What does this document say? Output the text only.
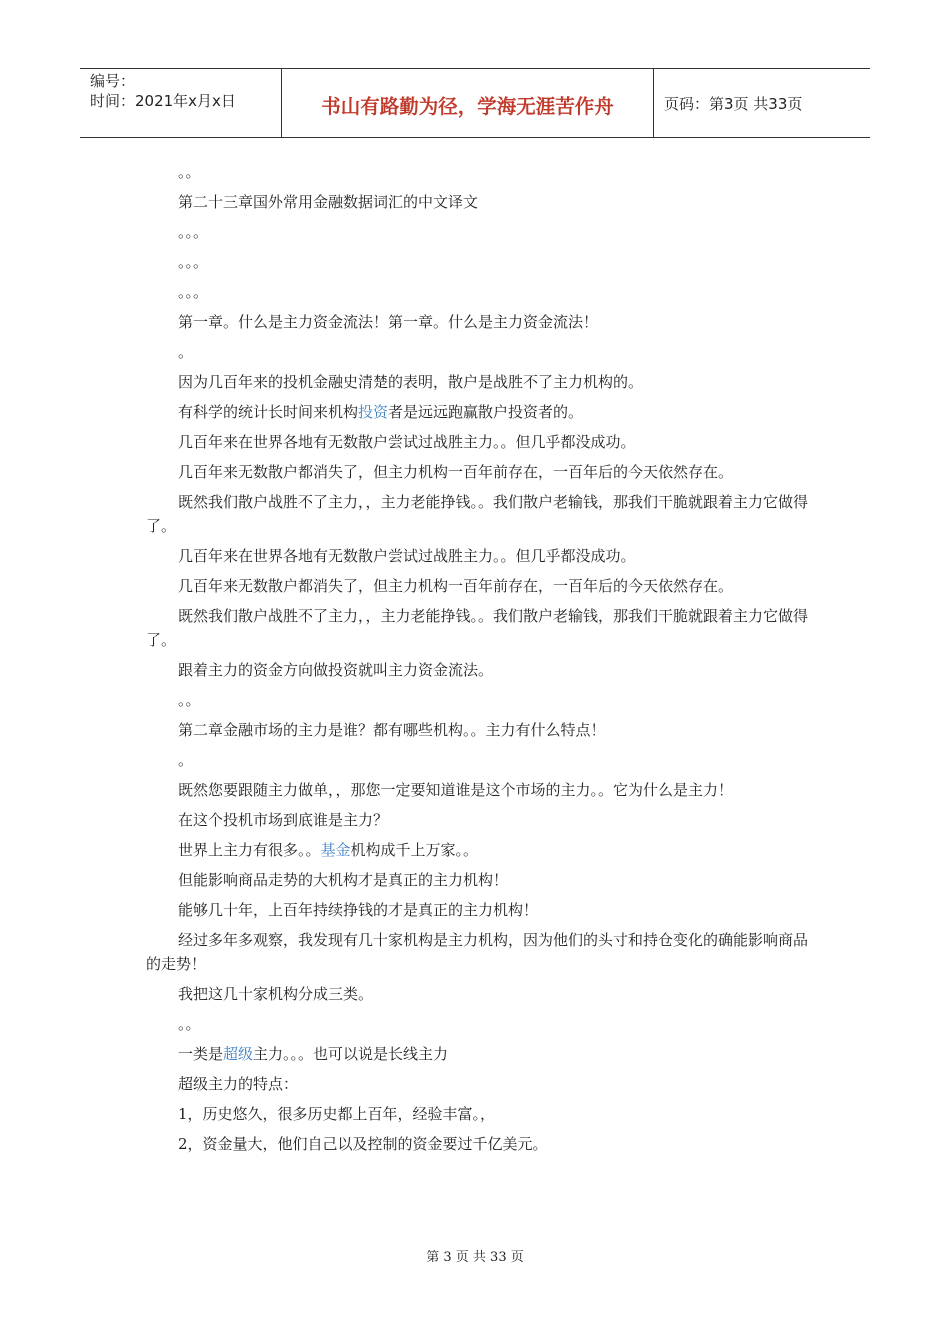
编号：
时间：2021年x月x日	书山有路勤为径，学海无涯苦作舟	页码：第3页 共33页

。。

第二十三章国外常用金融数据词汇的中文译文

。。。

。。。

。。。

第一章。什么是主力资金流法！第一章。什么是主力资金流法！

。

因为几百年来的投机金融史清楚的表明，散户是战胜不了主力机构的。

有科学的统计长时间来机构投资者是远远跑赢散户投资者的。

几百年来在世界各地有无数散户尝试过战胜主力。。但几乎都没成功。

几百年来无数散户都消失了，但主力机构一百年前存在，一百年后的今天依然存在。

既然我们散户战胜不了主力，，主力老能挣钱。。我们散户老输钱，那我们干脆就跟着主力它做得了。

几百年来在世界各地有无数散户尝试过战胜主力。。但几乎都没成功。

几百年来无数散户都消失了，但主力机构一百年前存在，一百年后的今天依然存在。

既然我们散户战胜不了主力，，主力老能挣钱。。我们散户老输钱，那我们干脆就跟着主力它做得了。

跟着主力的资金方向做投资就叫主力资金流法。

。。

第二章金融市场的主力是谁？都有哪些机构。。主力有什么特点！

。

既然您要跟随主力做单，，那您一定要知道谁是这个市场的主力。。它为什么是主力！

在这个投机市场到底谁是主力？

世界上主力有很多。。基金机构成千上万家。。

但能影响商品走势的大机构才是真正的主力机构！

能够几十年，上百年持续挣钱的才是真正的主力机构！

经过多年多观察，我发现有几十家机构是主力机构，因为他们的头寸和持仓变化的确能影响商品的走势！

我把这几十家机构分成三类。

。。

一类是超级主力。。。也可以说是长线主力

超级主力的特点：

1，历史悠久，很多历史都上百年，经验丰富。，

2，资金量大，他们自己以及控制的资金要过千亿美元。

第 3 页 共 33 页
